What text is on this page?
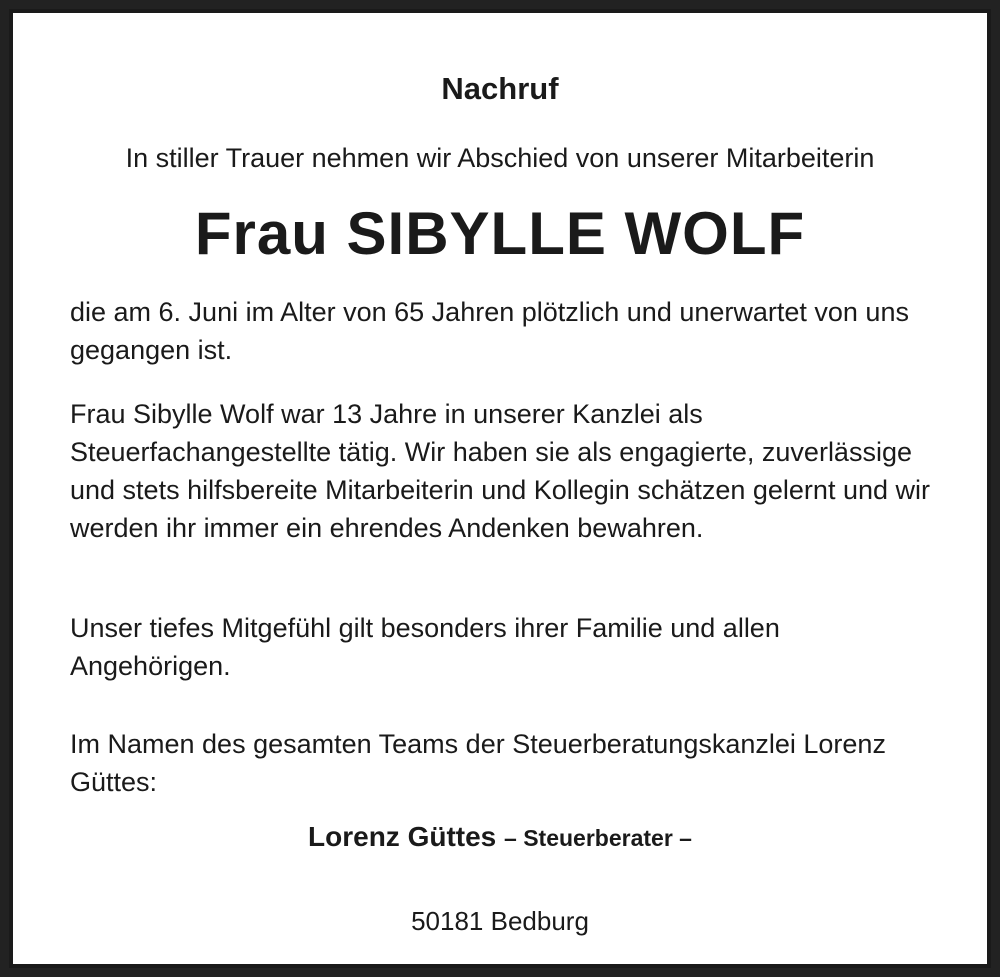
Nachruf
In stiller Trauer nehmen wir Abschied von unserer Mitarbeiterin
Frau SIBYLLE WOLF

die am 6. Juni im Alter von 65 Jahren plötzlich und unerwartet von uns gegangen ist.

Frau Sibylle Wolf war 13 Jahre in unserer Kanzlei als Steuerfachangestellte tätig. Wir haben sie als engagierte, zuverlässige und stets hilfsbereite Mitarbeiterin und Kollegin schätzen gelernt und wir werden ihr immer ein ehrendes Andenken bewahren.

Unser tiefes Mitgefühl gilt besonders ihrer Familie und allen Angehörigen.

Im Namen des gesamten Teams der Steuerberatungskanzlei Lorenz Güttes:

Lorenz Güttes – Steuerberater –
50181 Bedburg
